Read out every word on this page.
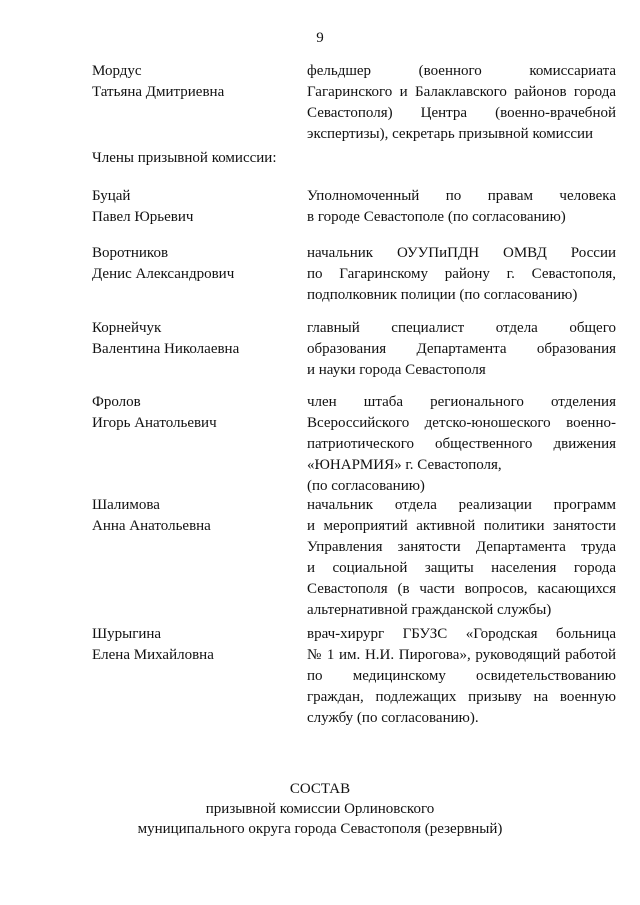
9
Мордус
Татьяна Дмитриевна
фельдшер (военного комиссариата
Гагаринского и Балаклавского районов города
Севастополя) Центра (военно-врачебной
экспертизы), секретарь призывной комиссии
Члены призывной комиссии:
Буцай
Павел Юрьевич
Уполномоченный по правам человека
в городе Севастополе (по согласованию)
Воротников
Денис Александрович
начальник ОУУПиПДН ОМВД России
по Гагаринскому району г. Севастополя,
подполковник полиции (по согласованию)
Корнейчук
Валентина Николаевна
главный специалист отдела общего
образования Департамента образования
и науки города Севастополя
Фролов
Игорь Анатольевич
член штаба регионального отделения
Всероссийского детско-юношеского военно-
патриотического общественного движения
«ЮНАРМИЯ» г. Севастополя,
(по согласованию)
Шалимова
Анна Анатольевна
начальник отдела реализации программ
и мероприятий активной политики занятости
Управления занятости Департамента труда
и социальной защиты населения города
Севастополя (в части вопросов, касающихся
альтернативной гражданской службы)
Шурыгина
Елена Михайловна
врач-хирург ГБУЗС «Городская больница
№ 1 им. Н.И. Пирогова», руководящий работой
по медицинскому освидетельствованию
граждан, подлежащих призыву на военную
службу (по согласованию).
СОСТАВ
призывной комиссии Орлиновского
муниципального округа города Севастополя (резервный)
